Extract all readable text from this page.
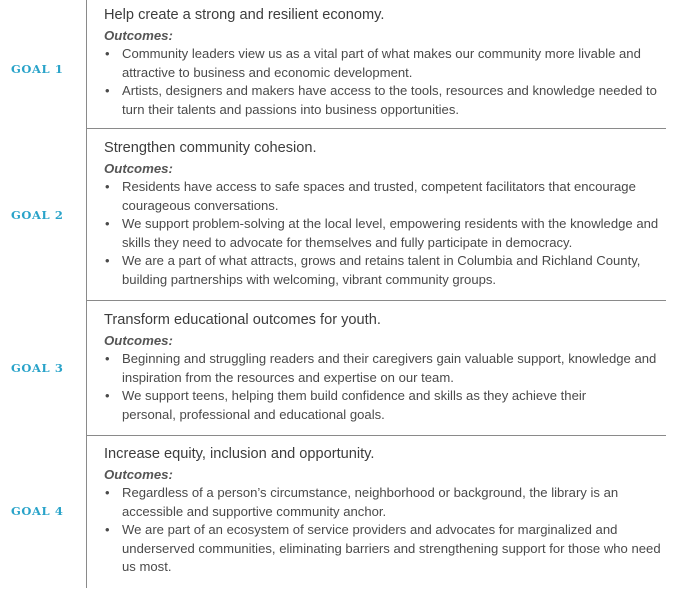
GOAL 1
Help create a strong and resilient economy.
Outcomes:
• Community leaders view us as a vital part of what makes our community more livable and attractive to business and economic development.
• Artists, designers and makers have access to the tools, resources and knowledge needed to turn their talents and passions into business opportunities.
GOAL 2
Strengthen community cohesion.
Outcomes:
• Residents have access to safe spaces and trusted, competent facilitators that encourage courageous conversations.
• We support problem-solving at the local level, empowering residents with the knowledge and skills they need to advocate for themselves and fully participate in democracy.
• We are a part of what attracts, grows and retains talent in Columbia and Richland County, building partnerships with welcoming, vibrant community groups.
GOAL 3
Transform educational outcomes for youth.
Outcomes:
• Beginning and struggling readers and their caregivers gain valuable support, knowledge and inspiration from the resources and expertise on our team.
• We support teens, helping them build confidence and skills as they achieve their personal, professional and educational goals.
GOAL 4
Increase equity, inclusion and opportunity.
Outcomes:
• Regardless of a person’s circumstance, neighborhood or background, the library is an accessible and supportive community anchor.
• We are part of an ecosystem of service providers and advocates for marginalized and underserved communities, eliminating barriers and strengthening support for those who need us most.
